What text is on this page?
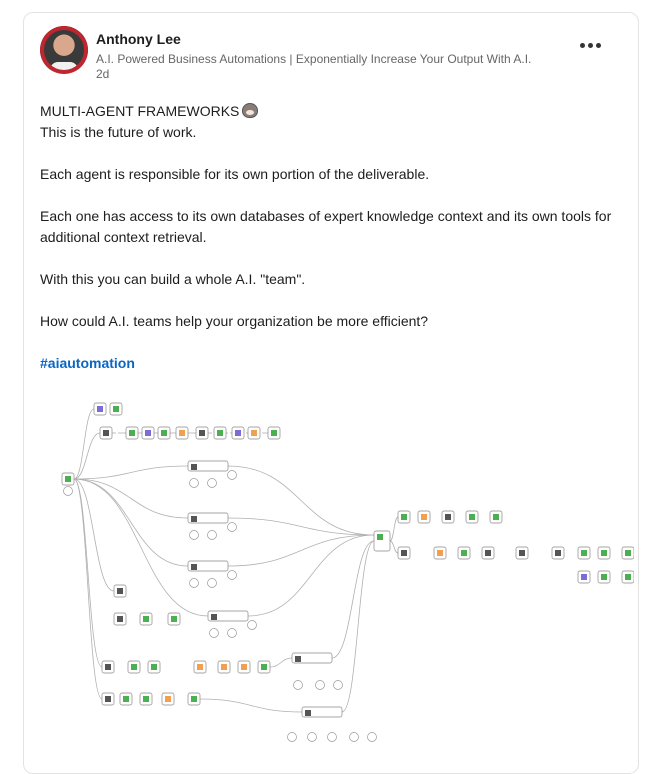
Anthony Lee
A.I. Powered Business Automations | Exponentially Increase Your Output With A.I.
2d

MULTI-AGENT FRAMEWORKS

This is the future of work.

Each agent is responsible for its own portion of the deliverable.

Each one has access to its own databases of expert knowledge context and its own tools for additional context retrieval.

With this you can build a whole A.I. "team".

How could A.I. teams help your organization be more efficient?

#aiautomation
